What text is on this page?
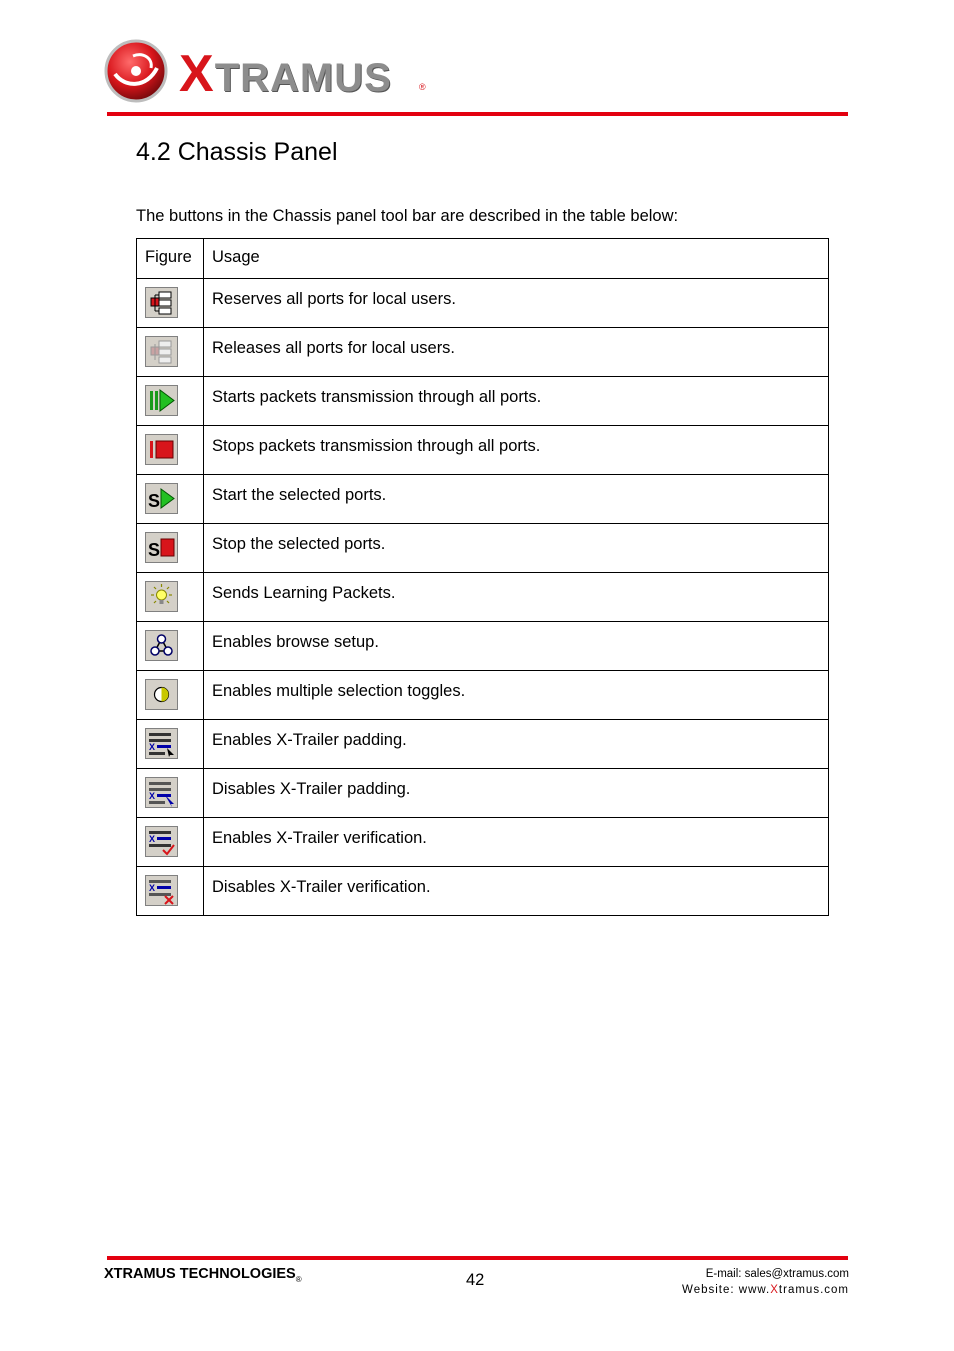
XTRAMUS	®
4.2 Chassis Panel

The buttons in the Chassis panel tool bar are described in the table below:

Figure	Usage

	Reserves all ports for local users.

	Releases all ports for local users.

	Starts packets transmission through all ports.

	Stops packets transmission through all ports.

S	Start the selected ports.

S	Stop the selected ports.

	Sends Learning Packets.

	Enables browse setup.

	Enables multiple selection toggles.

X	Enables X-Trailer padding.

X	Disables X-Trailer padding.

X	Enables X-Trailer verification.

X	Disables X-Trailer verification.
XTRAMUS $TECHNOLOGIES_®$	42	E-mail: sales@xtramus.com
Website: www.Xtramus.com
